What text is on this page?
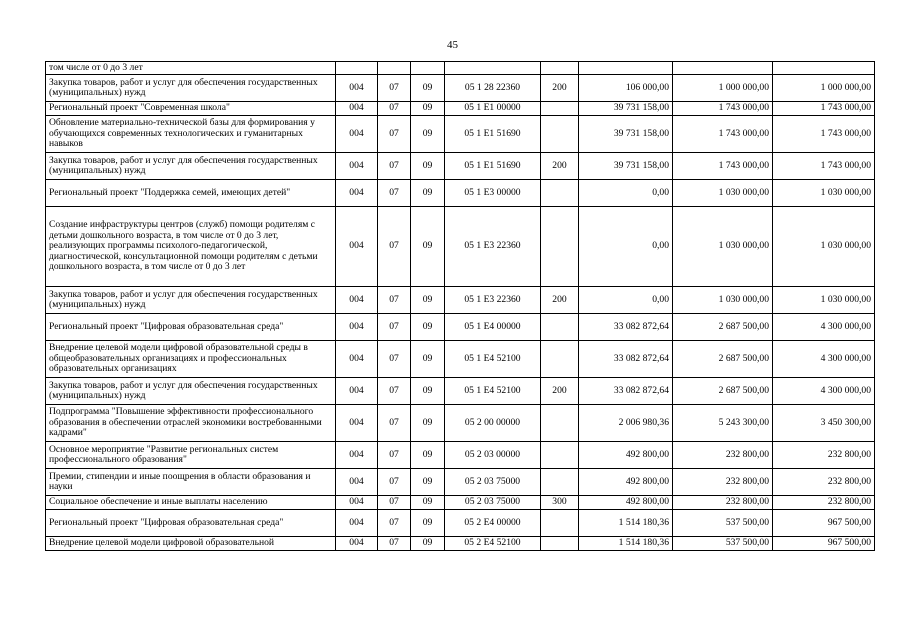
45
том числе от 0 до 3 лет								
Закупка товаров, работ и услуг для обеспечения государственных (муниципальных) нужд	004	07	09	05 1 28 22360	200	106 000,00	1 000 000,00	1 000 000,00
Региональный проект "Современная школа"	004	07	09	05 1 E1 00000		39 731 158,00	1 743 000,00	1 743 000,00
Обновление материально-технической базы для формирования у обучающихся современных технологических и гуманитарных навыков	004	07	09	05 1 E1 51690		39 731 158,00	1 743 000,00	1 743 000,00
Закупка товаров, работ и услуг для обеспечения государственных (муниципальных) нужд	004	07	09	05 1 E1 51690	200	39 731 158,00	1 743 000,00	1 743 000,00
Региональный проект "Поддержка семей, имеющих детей"	004	07	09	05 1 E3 00000		0,00	1 030 000,00	1 030 000,00
Создание инфраструктуры центров (служб) помощи родителям с детьми дошкольного возраста, в том числе от 0 до 3 лет, реализующих программы психолого-педагогической, диагностической, консультационной помощи родителям с детьми дошкольного возраста, в том числе от 0 до 3 лет	004	07	09	05 1 E3 22360		0,00	1 030 000,00	1 030 000,00
Закупка товаров, работ и услуг для обеспечения государственных (муниципальных) нужд	004	07	09	05 1 E3 22360	200	0,00	1 030 000,00	1 030 000,00
Региональный проект "Цифровая образовательная среда"	004	07	09	05 1 E4 00000		33 082 872,64	2 687 500,00	4 300 000,00
Внедрение целевой модели цифровой образовательной среды в общеобразовательных организациях и профессиональных образовательных организациях	004	07	09	05 1 E4 52100		33 082 872,64	2 687 500,00	4 300 000,00
Закупка товаров, работ и услуг для обеспечения государственных (муниципальных) нужд	004	07	09	05 1 E4 52100	200	33 082 872,64	2 687 500,00	4 300 000,00
Подпрограмма "Повышение эффективности профессионального образования в обеспечении отраслей экономики востребованными кадрами"	004	07	09	05 2 00 00000		2 006 980,36	5 243 300,00	3 450 300,00
Основное мероприятие "Развитие региональных систем профессионального образования"	004	07	09	05 2 03 00000		492 800,00	232 800,00	232 800,00
Премии, стипендии и иные поощрения в области образования и науки	004	07	09	05 2 03 75000		492 800,00	232 800,00	232 800,00
Социальное обеспечение и иные выплаты населению	004	07	09	05 2 03 75000	300	492 800,00	232 800,00	232 800,00
Региональный проект "Цифровая образовательная среда"	004	07	09	05 2 E4 00000		1 514 180,36	537 500,00	967 500,00
Внедрение целевой модели цифровой образовательной	004	07	09	05 2 E4 52100		1 514 180,36	537 500,00	967 500,00
